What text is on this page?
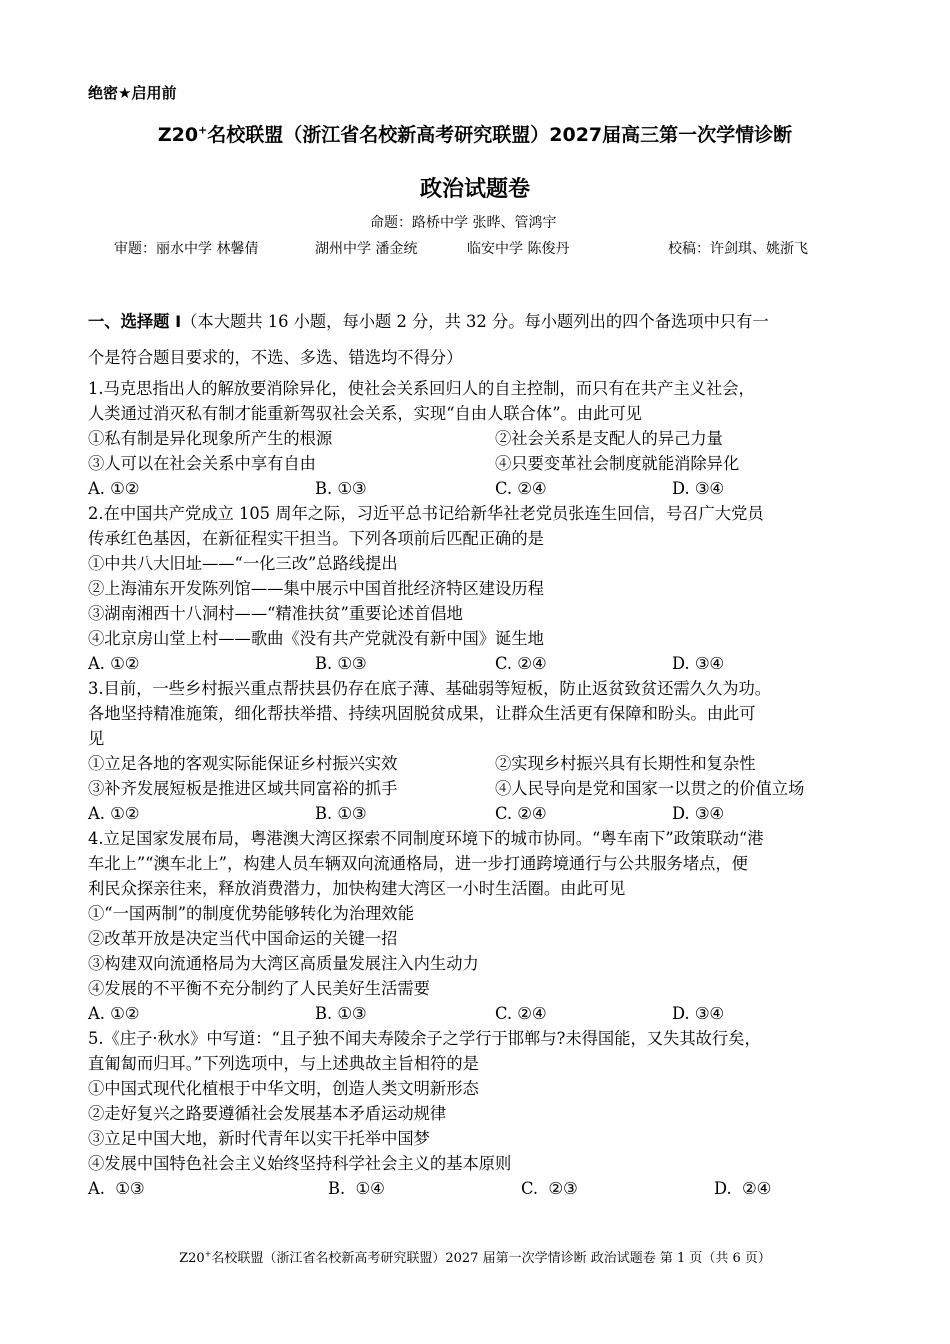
绝密★启用前
Z20+名校联盟（浙江省名校新高考研究联盟）2027届高三第一次学情诊断
政治试题卷
命题：路桥中学 张晔、管鸿宇
审题：丽水中学 林馨倩	湖州中学 潘金统	临安中学 陈俊丹	校稿：许剑琪、姚浙飞
一、选择题 I（本大题共 16 小题，每小题 2 分，共 32 分。每小题列出的四个备选项中只有一
个是符合题目要求的，不选、多选、错选均不得分）
1.马克思指出人的解放要消除异化，使社会关系回归人的自主控制，而只有在共产主义社会，
人类通过消灭私有制才能重新驾驭社会关系，实现“自由人联合体”。由此可见
①私有制是异化现象所产生的根源	②社会关系是支配人的异己力量
③人可以在社会关系中享有自由	④只要变革社会制度就能消除异化
A. ①②	B. ①③	C. ②④	D. ③④
2.在中国共产党成立 105 周年之际，习近平总书记给新华社老党员张连生回信，号召广大党员
传承红色基因，在新征程实干担当。下列各项前后匹配正确的是
①中共八大旧址——“一化三改”总路线提出
②上海浦东开发陈列馆——集中展示中国首批经济特区建设历程
③湖南湘西十八洞村——“精准扶贫”重要论述首倡地
④北京房山堂上村——歌曲《没有共产党就没有新中国》诞生地
A. ①②	B. ①③	C. ②④	D. ③④
3.目前，一些乡村振兴重点帮扶县仍存在底子薄、基础弱等短板，防止返贫致贫还需久久为功。
各地坚持精准施策，细化帮扶举措、持续巩固脱贫成果，让群众生活更有保障和盼头。由此可
见
①立足各地的客观实际能保证乡村振兴实效	②实现乡村振兴具有长期性和复杂性
③补齐发展短板是推进区域共同富裕的抓手	④人民导向是党和国家一以贯之的价值立场
A. ①②	B. ①③	C. ②④	D. ③④
4.立足国家发展布局，粤港澳大湾区探索不同制度环境下的城市协同。“粤车南下”政策联动“港
车北上”“澳车北上”，构建人员车辆双向流通格局，进一步打通跨境通行与公共服务堵点，便
利民众探亲往来，释放消费潜力，加快构建大湾区一小时生活圈。由此可见
①“一国两制”的制度优势能够转化为治理效能
②改革开放是决定当代中国命运的关键一招
③构建双向流通格局为大湾区高质量发展注入内生动力
④发展的不平衡不充分制约了人民美好生活需要
A. ①②	B. ①③	C. ②④	D. ③④
5.《庄子·秋水》中写道：“且子独不闻夫寿陵余子之学行于邯郸与?未得国能，又失其故行矣，
直匍匐而归耳。”下列选项中，与上述典故主旨相符的是
①中国式现代化植根于中华文明，创造人类文明新形态
②走好复兴之路要遵循社会发展基本矛盾运动规律
③立足中国大地，新时代青年以实干托举中国梦
④发展中国特色社会主义始终坚持科学社会主义的基本原则
A.  ①③	B.  ①④	C.  ②③	D.  ②④
Z20+名校联盟（浙江省名校新高考研究联盟）2027 届第一次学情诊断 政治试题卷 第 1 页（共 6 页）
